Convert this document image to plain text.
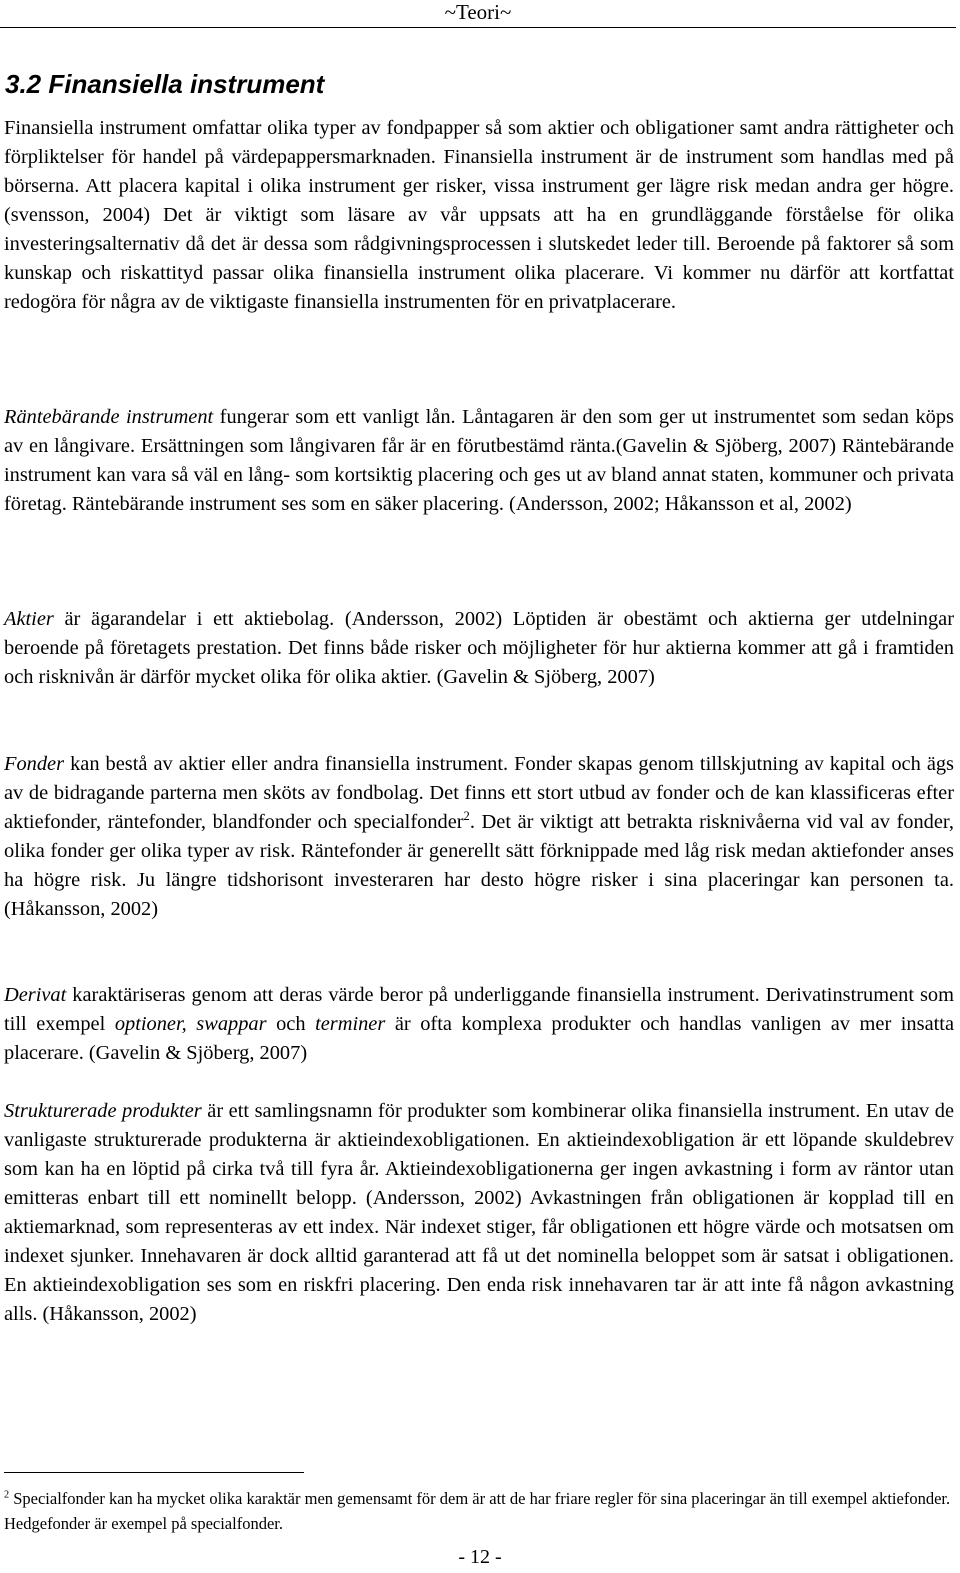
~Teori~
3.2 Finansiella instrument

Finansiella instrument omfattar olika typer av fondpapper så som aktier och obligationer samt andra rättigheter och förpliktelser för handel på värdepappersmarknaden. Finansiella instrument är de instrument som handlas med på börserna. Att placera kapital i olika instrument ger risker, vissa instrument ger lägre risk medan andra ger högre.(svensson, 2004) Det är viktigt som läsare av vår uppsats att ha en grundläggande förståelse för olika investeringsalternativ då det är dessa som rådgivningsprocessen i slutskedet leder till. Beroende på faktorer så som kunskap och riskattityd passar olika finansiella instrument olika placerare. Vi kommer nu därför att kortfattat redogöra för några av de viktigaste finansiella instrumenten för en privatplacerare.

Räntebärande instrument fungerar som ett vanligt lån. Låntagaren är den som ger ut instrumentet som sedan köps av en långivare. Ersättningen som långivaren får är en förutbestämd ränta.(Gavelin & Sjöberg, 2007) Räntebärande instrument kan vara så väl en lång- som kortsiktig placering och ges ut av bland annat staten, kommuner och privata företag. Räntebärande instrument ses som en säker placering. (Andersson, 2002; Håkansson et al, 2002)

Aktier är ägarandelar i ett aktiebolag. (Andersson, 2002) Löptiden är obestämt och aktierna ger utdelningar beroende på företagets prestation. Det finns både risker och möjligheter för hur aktierna kommer att gå i framtiden och risknivån är därför mycket olika för olika aktier. (Gavelin & Sjöberg, 2007)

Fonder kan bestå av aktier eller andra finansiella instrument. Fonder skapas genom tillskjutning av kapital och ägs av de bidragande parterna men sköts av fondbolag. Det finns ett stort utbud av fonder och de kan klassificeras efter aktiefonder, räntefonder, blandfonder och specialfonder$^2$. Det är viktigt att betrakta risknivåerna vid val av fonder, olika fonder ger olika typer av risk. Räntefonder är generellt sätt förknippade med låg risk medan aktiefonder anses ha högre risk. Ju längre tidshorisont investeraren har desto högre risker i sina placeringar kan personen ta. (Håkansson, 2002)

Derivat karaktäriseras genom att deras värde beror på underliggande finansiella instrument. Derivatinstrument som till exempel optioner, swappar och terminer är ofta komplexa produkter och handlas vanligen av mer insatta placerare. (Gavelin & Sjöberg, 2007)

Strukturerade produkter är ett samlingsnamn för produkter som kombinerar olika finansiella instrument. En utav de vanligaste strukturerade produkterna är aktieindexobligationen. En aktieindexobligation är ett löpande skuldebrev som kan ha en löptid på cirka två till fyra år. Aktieindexobligationerna ger ingen avkastning i form av räntor utan emitteras enbart till ett nominellt belopp. (Andersson, 2002) Avkastningen från obligationen är kopplad till en aktiemarknad, som representeras av ett index. När indexet stiger, får obligationen ett högre värde och motsatsen om indexet sjunker. Innehavaren är dock alltid garanterad att få ut det nominella beloppet som är satsat i obligationen. En aktieindexobligation ses som en riskfri placering. Den enda risk innehavaren tar är att inte få någon avkastning alls. (Håkansson, 2002)

$^2$ Specialfonder kan ha mycket olika karaktär men gemensamt för dem är att de har friare regler för sina placeringar än till exempel aktiefonder. Hedgefonder är exempel på specialfonder.

- 12 -
